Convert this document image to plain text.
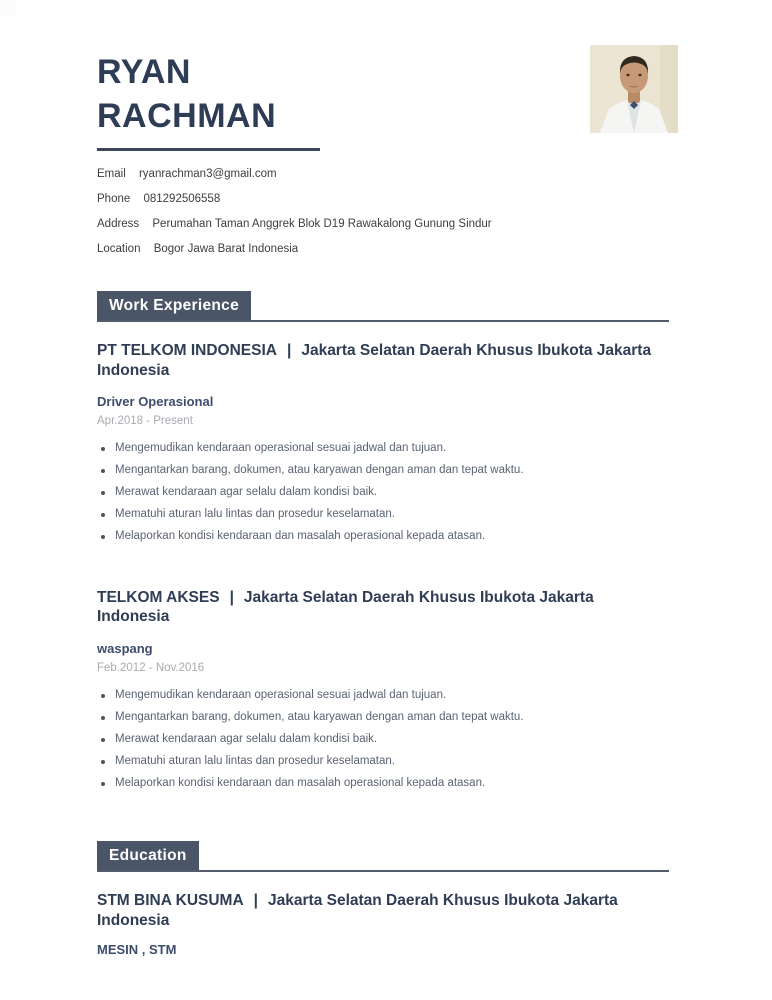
RYAN
RACHMAN
Email ryanrachman3@gmail.com
Phone 081292506558
Address Perumahan Taman Anggrek Blok D19 Rawakalong Gunung Sindur
Location Bogor Jawa Barat Indonesia
Work Experience
PT TELKOM INDONESIA | Jakarta Selatan Daerah Khusus Ibukota Jakarta Indonesia
Driver Operasional
Apr.2018 - Present
Mengemudikan kendaraan operasional sesuai jadwal dan tujuan.
Mengantarkan barang, dokumen, atau karyawan dengan aman dan tepat waktu.
Merawat kendaraan agar selalu dalam kondisi baik.
Mematuhi aturan lalu lintas dan prosedur keselamatan.
Melaporkan kondisi kendaraan dan masalah operasional kepada atasan.
TELKOM AKSES | Jakarta Selatan Daerah Khusus Ibukota Jakarta Indonesia
waspang
Feb.2012 - Nov.2016
Mengemudikan kendaraan operasional sesuai jadwal dan tujuan.
Mengantarkan barang, dokumen, atau karyawan dengan aman dan tepat waktu.
Merawat kendaraan agar selalu dalam kondisi baik.
Mematuhi aturan lalu lintas dan prosedur keselamatan.
Melaporkan kondisi kendaraan dan masalah operasional kepada atasan.
Education
STM BINA KUSUMA | Jakarta Selatan Daerah Khusus Ibukota Jakarta Indonesia
MESIN , STM
